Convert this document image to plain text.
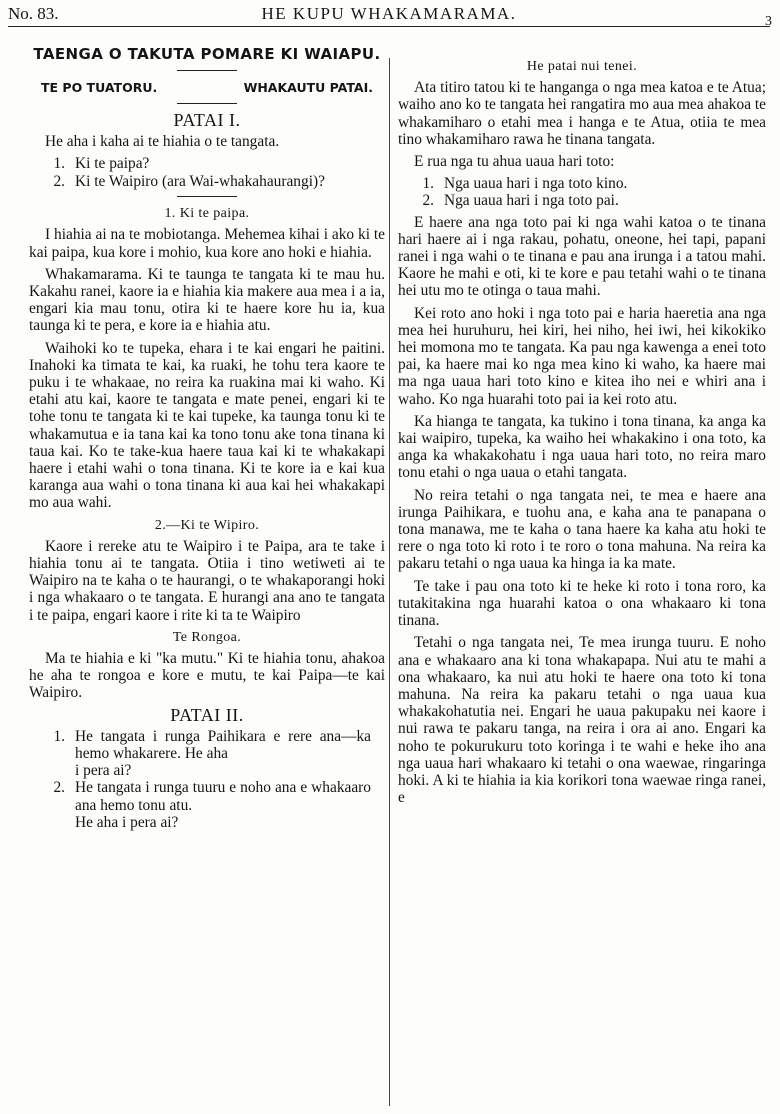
No. 83.	HE KUPU WHAKAMARAMA.	3
TAENGA O TAKUTA POMARE KI WAIAPU.
TE PO TUATORU.	WHAKAUTU PATAI.
PATAI I.

He aha i kaha ai te hiahia o te tangata.

1. Ki te paipa?
2. Ki te Waipiro (ara Wai-whakahaurangi)?
1. Ki te paipa.

I hiahia ai na te mobiotanga. Mehemea kihai i ako ki te kai paipa, kua kore i mohio, kua kore ano hoki e hiahia.

Whakamarama. Ki te taunga te tangata ki te mau hu. Kakahu ranei, kaore ia e hiahia kia makere aua mea i a ia, engari kia mau tonu, otira ki te haere kore hu ia, kua taunga ki te pera, e kore ia e hiahia atu.

Waihoki ko te tupeka, ehara i te kai engari he paitini. Inahoki ka timata te kai, ka ruaki, he tohu tera kaore te puku i te whakaae, no reira ka ruakina mai ki waho. Ki etahi atu kai, kaore te tangata e mate penei, engari ki te tohe tonu te tangata ki te kai tupeke, ka taunga tonu ki te whakamutua e ia tana kai ka tono tonu ake tona tinana ki taua kai. Ko te take-kua haere taua kai ki te whakakapi haere i etahi wahi o tona tinana. Ki te kore ia e kai kua karanga aua wahi o tona tinana ki aua kai hei whakakapi mo aua wahi.

2.—Ki te Wipiro.

Kaore i rereke atu te Waipiro i te Paipa, ara te take i hiahia tonu ai te tangata. Otiia i tino wetiweti ai te Waipiro na te kaha o te haurangi, o te whakaporangi hoki i nga whakaaro o te tangata. E hurangi ana ano te tangata i te paipa, engari kaore i rite ki ta te Waipiro

Te Rongoa.

Ma te hiahia e ki "ka mutu." Ki te hiahia tonu, ahakoa he aha te rongoa e kore e mutu, te kai Paipa—te kai Waipiro.

PATAI II.
1. He tangata i runga Paihikara e rere ana—ka hemo whakarere. He aha
i pera ai?
2. He tangata i runga tuuru e noho ana e whakaaro ana hemo tonu atu.
He aha i pera ai?
He patai nui tenei.

Ata titiro tatou ki te hanganga o nga mea katoa e te Atua; waiho ano ko te tangata hei rangatira mo aua mea ahakoa te whakamiharo o etahi mea i hanga e te Atua, otiia te mea tino whakamiharo rawa he tinana tangata.

E rua nga tu ahua uaua hari toto:

1. Nga uaua hari i nga toto kino.
2. Nga uaua hari i nga toto pai.

E haere ana nga toto pai ki nga wahi katoa o te tinana hari haere ai i nga rakau, pohatu, oneone, hei tapi, papani ranei i nga wahi o te tinana e pau ana irunga i a tatou mahi. Kaore he mahi e oti, ki te kore e pau tetahi wahi o te tinana hei utu mo te otinga o taua mahi.

Kei roto ano hoki i nga toto pai e haria haeretia ana nga mea hei huruhuru, hei kiri, hei niho, hei iwi, hei kikokiko hei momona mo te tangata. Ka pau nga kawenga a enei toto pai, ka haere mai ko nga mea kino ki waho, ka haere mai ma nga uaua hari toto kino e kitea iho nei e whiri ana i waho. Ko nga huarahi toto pai ia kei roto atu.

Ka hianga te tangata, ka tukino i tona tinana, ka anga ka kai waipiro, tupeka, ka waiho hei whakakino i ona toto, ka anga ka whakakohatu i nga uaua hari toto, no reira maro tonu etahi o nga uaua o etahi tangata.

No reira tetahi o nga tangata nei, te mea e haere ana irunga Paihikara, e tuohu ana, e kaha ana te panapana o tona manawa, me te kaha o tana haere ka kaha atu hoki te rere o nga toto ki roto i te roro o tona mahuna. Na reira ka pakaru tetahi o nga uaua ka hinga ia ka mate.

Te take i pau ona toto ki te heke ki roto i tona roro, ka tutakitakina nga huarahi katoa o ona whakaaro ki tona tinana.

Tetahi o nga tangata nei, Te mea irunga tuuru. E noho ana e whakaaro ana ki tona whakapapa. Nui atu te mahi a ona whakaaro, ka nui atu hoki te haere ona toto ki tona mahuna. Na reira ka pakaru tetahi o nga uaua kua whakakohatutia nei. Engari he uaua pakupaku nei kaore i nui rawa te pakaru tanga, na reira i ora ai ano. Engari ka noho te pokurukuru toto koringa i te wahi e heke iho ana nga uaua hari whakaaro ki tetahi o ona waewae, ringaringa hoki. A ki te hiahia ia kia korikori tona waewae ringa ranei, e
